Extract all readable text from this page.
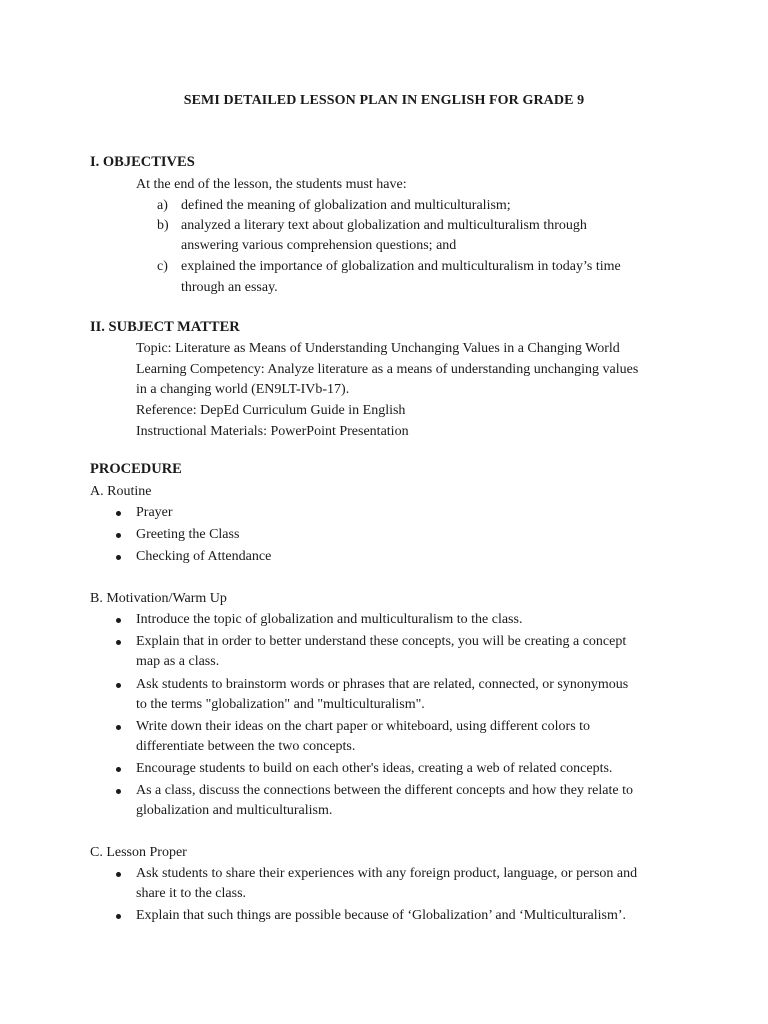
SEMI DETAILED LESSON PLAN IN ENGLISH FOR GRADE 9
I. OBJECTIVES
At the end of the lesson, the students must have:
a) defined the meaning of globalization and multiculturalism;
b) analyzed a literary text about globalization and multiculturalism through
answering various comprehension questions; and
c) explained the importance of globalization and multiculturalism in today’s time
through an essay.
II. SUBJECT MATTER
Topic: Literature as Means of Understanding Unchanging Values in a Changing World
Learning Competency: Analyze literature as a means of understanding unchanging values
in a changing world (EN9LT-IVb-17).
Reference: DepEd Curriculum Guide in English
Instructional Materials: PowerPoint Presentation
PROCEDURE
A. Routine
Prayer
Greeting the Class
Checking of Attendance
B. Motivation/Warm Up
Introduce the topic of globalization and multiculturalism to the class.
Explain that in order to better understand these concepts, you will be creating a concept
map as a class.
Ask students to brainstorm words or phrases that are related, connected, or synonymous
to the terms "globalization" and "multiculturalism".
Write down their ideas on the chart paper or whiteboard, using different colors to
differentiate between the two concepts.
Encourage students to build on each other's ideas, creating a web of related concepts.
As a class, discuss the connections between the different concepts and how they relate to
globalization and multiculturalism.
C. Lesson Proper
Ask students to share their experiences with any foreign product, language, or person and
share it to the class.
Explain that such things are possible because of ‘Globalization’ and ‘Multiculturalism’.
